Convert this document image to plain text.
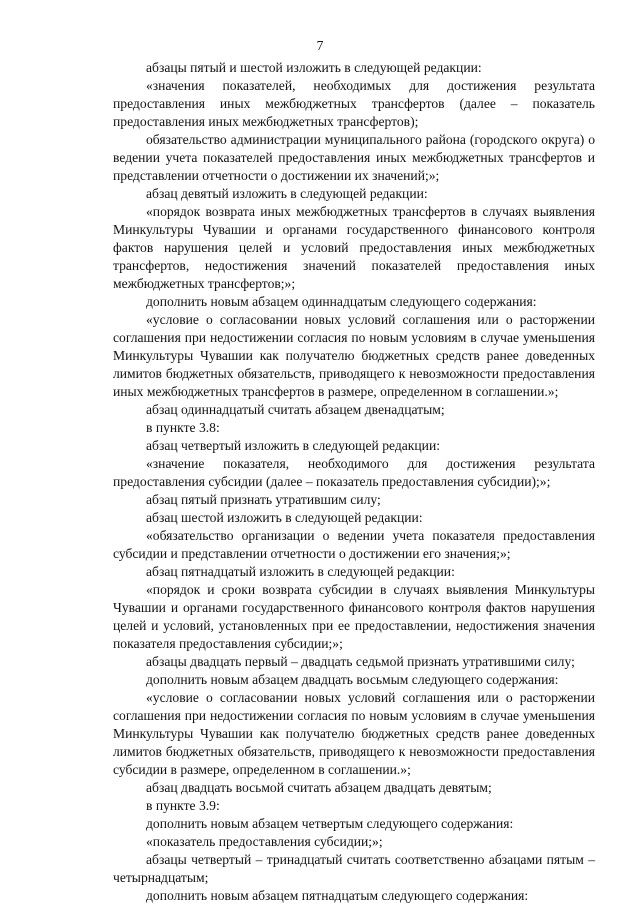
7

абзацы пятый и шестой изложить в следующей редакции:

«значения показателей, необходимых для достижения результата предоставления иных межбюджетных трансфертов (далее – показатель предоставления иных межбюджетных трансфертов);

обязательство администрации муниципального района (городского округа) о ведении учета показателей предоставления иных межбюджетных трансфертов и представлении отчетности о достижении их значений;»;

абзац девятый изложить в следующей редакции:

«порядок возврата иных межбюджетных трансфертов в случаях выявления Минкультуры Чувашии и органами государственного финансового контроля фактов нарушения целей и условий предоставления иных межбюджетных трансфертов, недостижения значений показателей предоставления иных межбюджетных трансфертов;»;

дополнить новым абзацем одиннадцатым следующего содержания:

«условие о согласовании новых условий соглашения или о расторжении соглашения при недостижении согласия по новым условиям в случае уменьшения Минкультуры Чувашии как получателю бюджетных средств ранее доведенных лимитов бюджетных обязательств, приводящего к невозможности предоставления иных межбюджетных трансфертов в размере, определенном в соглашении.»;

абзац одиннадцатый считать абзацем двенадцатым;

в пункте 3.8:

абзац четвертый изложить в следующей редакции:

«значение показателя, необходимого для достижения результата предоставления субсидии (далее – показатель предоставления субсидии);»;

абзац пятый признать утратившим силу;

абзац шестой изложить в следующей редакции:

«обязательство организации о ведении учета показателя предоставления субсидии и представлении отчетности о достижении его значения;»;

абзац пятнадцатый изложить в следующей редакции:

«порядок и сроки возврата субсидии в случаях выявления Минкультуры Чувашии и органами государственного финансового контроля фактов нарушения целей и условий, установленных при ее предоставлении, недостижения значения показателя предоставления субсидии;»;

абзацы двадцать первый – двадцать седьмой признать утратившими силу;

дополнить новым абзацем двадцать восьмым следующего содержания:

«условие о согласовании новых условий соглашения или о расторжении соглашения при недостижении согласия по новым условиям в случае уменьшения Минкультуры Чувашии как получателю бюджетных средств ранее доведенных лимитов бюджетных обязательств, приводящего к невозможности предоставления субсидии в размере, определенном в соглашении.»;

абзац двадцать восьмой считать абзацем двадцать девятым;

в пункте 3.9:

дополнить новым абзацем четвертым следующего содержания:

«показатель предоставления субсидии;»;

абзацы четвертый – тринадцатый считать соответственно абзацами пятым – четырнадцатым;

дополнить новым абзацем пятнадцатым следующего содержания:
